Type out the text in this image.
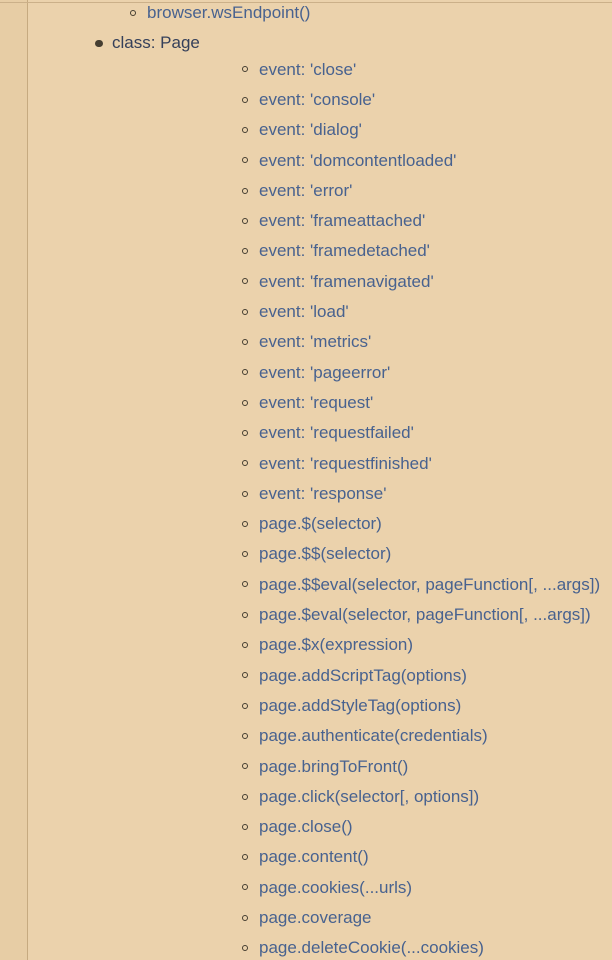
browser.wsEndpoint()
class: Page
event: 'close'
event: 'console'
event: 'dialog'
event: 'domcontentloaded'
event: 'error'
event: 'frameattached'
event: 'framedetached'
event: 'framenavigated'
event: 'load'
event: 'metrics'
event: 'pageerror'
event: 'request'
event: 'requestfailed'
event: 'requestfinished'
event: 'response'
page.$(selector)
page.$$(selector)
page.$$eval(selector, pageFunction[, ...args])
page.$eval(selector, pageFunction[, ...args])
page.$x(expression)
page.addScriptTag(options)
page.addStyleTag(options)
page.authenticate(credentials)
page.bringToFront()
page.click(selector[, options])
page.close()
page.content()
page.cookies(...urls)
page.coverage
page.deleteCookie(...cookies)
